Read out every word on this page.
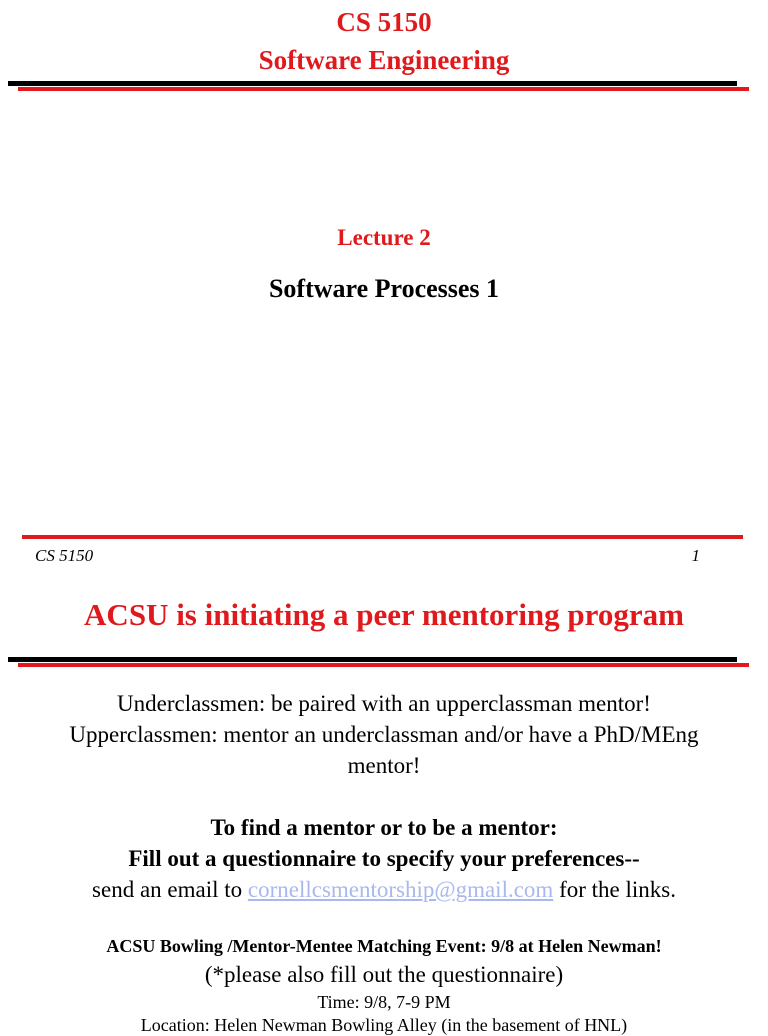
CS 5150
Software Engineering
Lecture 2
Software Processes 1
CS 5150	1
ACSU is initiating a peer mentoring program
Underclassmen: be paired with an upperclassman mentor!
Upperclassmen: mentor an underclassman and/or have a PhD/MEng
mentor!
To find a mentor or to be a mentor:
Fill out a questionnaire to specify your preferences--
send an email to cornellcsmentorship@gmail.com for the links.
ACSU Bowling /Mentor-Mentee Matching Event: 9/8 at Helen Newman!
(*please also fill out the questionnaire)
Time: 9/8, 7-9 PM
Location: Helen Newman Bowling Alley (in the basement of HNL)
